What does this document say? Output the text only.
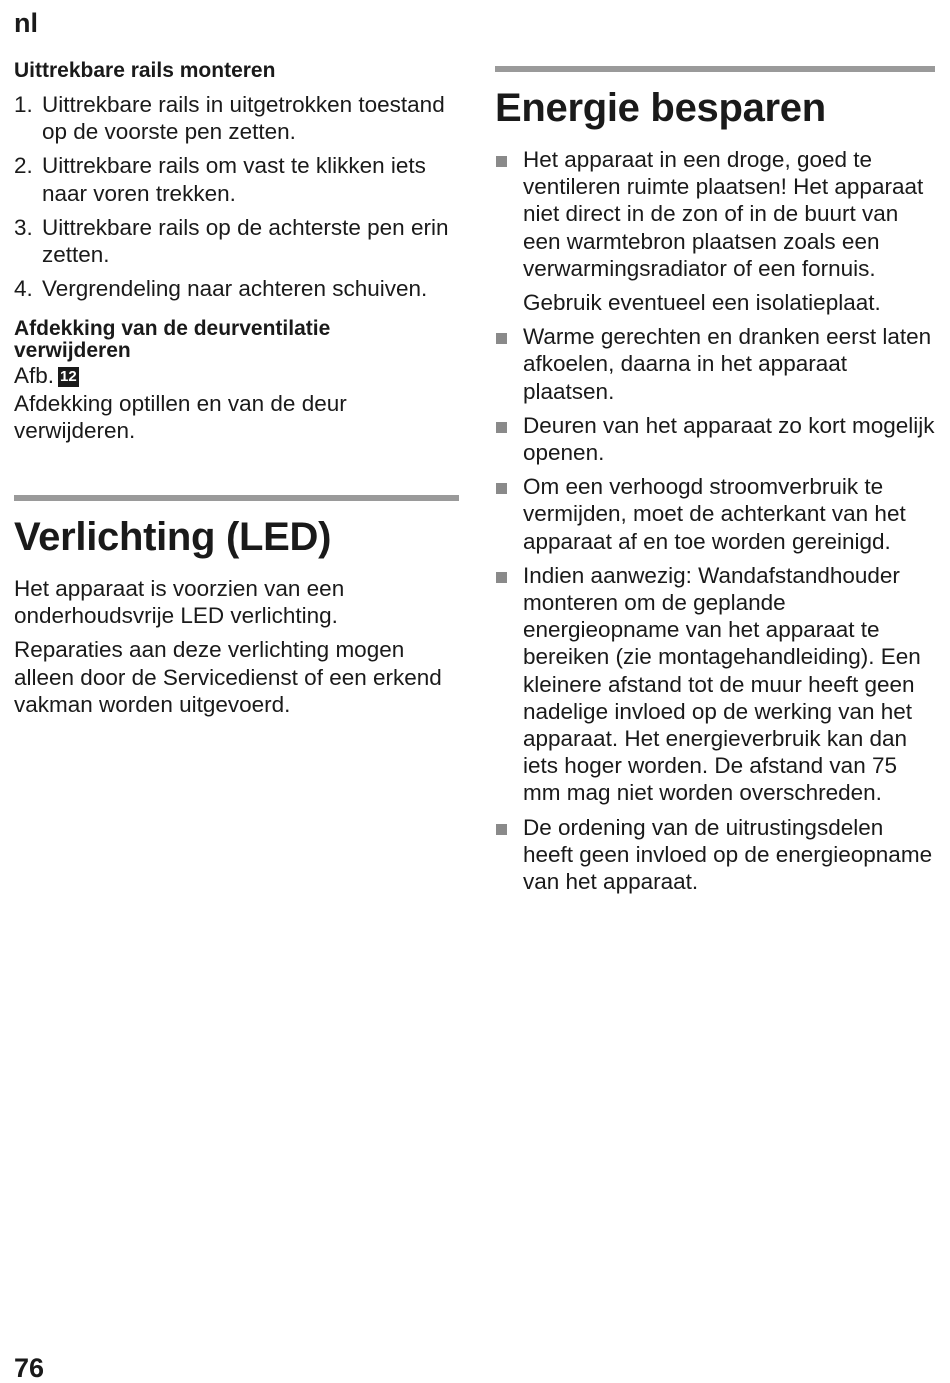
nl
Uittrekbare rails monteren
1. Uittrekbare rails in uitgetrokken toestand op de voorste pen zetten.
2. Uittrekbare rails om vast te klikken iets naar voren trekken.
3. Uittrekbare rails op de achterste pen erin zetten.
4. Vergrendeling naar achteren schuiven.
Afdekking van de deurventilatie verwijderen
Afb. 12
Afdekking optillen en van de deur verwijderen.
Verlichting (LED)

Het apparaat is voorzien van een onderhoudsvrije LED verlichting.

Reparaties aan deze verlichting mogen alleen door de Servicedienst of een erkend vakman worden uitgevoerd.

Energie besparen

Het apparaat in een droge, goed te ventileren ruimte plaatsen! Het apparaat niet direct in de zon of in de buurt van een warmtebron plaatsen zoals een verwarmingsradiator of een fornuis.

Gebruik eventueel een isolatieplaat.

Warme gerechten en dranken eerst laten afkoelen, daarna in het apparaat plaatsen.

Deuren van het apparaat zo kort mogelijk openen.

Om een verhoogd stroomverbruik te vermijden, moet de achterkant van het apparaat af en toe worden gereinigd.

Indien aanwezig: Wandafstandhouder monteren om de geplande energieopname van het apparaat te bereiken (zie montagehandleiding). Een kleinere afstand tot de muur heeft geen nadelige invloed op de werking van het apparaat. Het energieverbruik kan dan iets hoger worden. De afstand van 75 mm mag niet worden overschreden.

De ordening van de uitrustingsdelen heeft geen invloed op de energieopname van het apparaat.

76
